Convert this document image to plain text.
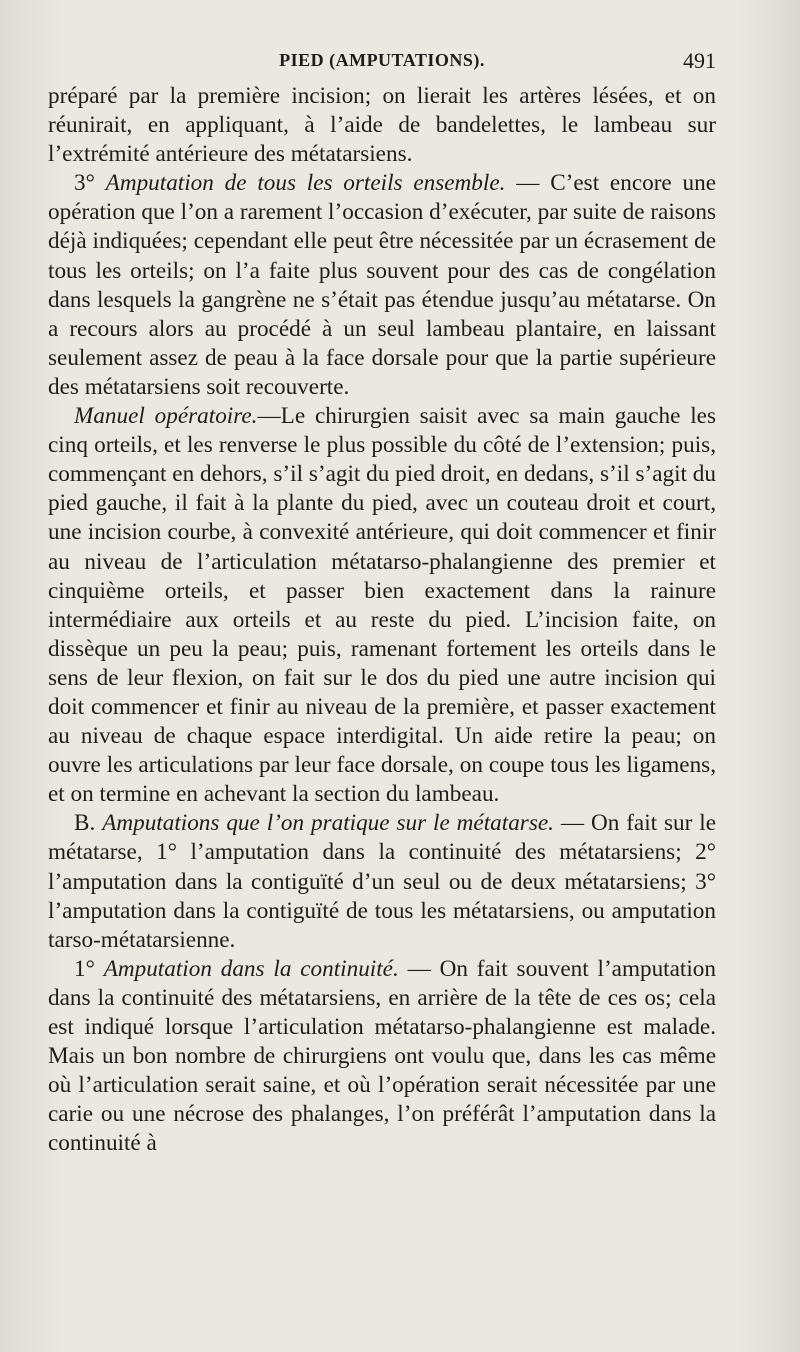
PIED (AMPUTATIONS).	491

préparé par la première incision; on lierait les artères lésées, et on réunirait, en appliquant, à l’aide de bandelettes, le lambeau sur l’extrémité antérieure des métatarsiens.

3° Amputation de tous les orteils ensemble. — C’est encore une opération que l’on a rarement l’occasion d’exécuter, par suite de raisons déjà indiquées; cependant elle peut être nécessitée par un écrasement de tous les orteils; on l’a faite plus souvent pour des cas de congélation dans lesquels la gangrène ne s’était pas étendue jusqu’au métatarse. On a recours alors au procédé à un seul lambeau plantaire, en laissant seulement assez de peau à la face dorsale pour que la partie supérieure des métatarsiens soit recouverte.

Manuel opératoire.—Le chirurgien saisit avec sa main gauche les cinq orteils, et les renverse le plus possible du côté de l’extension; puis, commençant en dehors, s’il s’agit du pied droit, en dedans, s’il s’agit du pied gauche, il fait à la plante du pied, avec un couteau droit et court, une incision courbe, à convexité antérieure, qui doit commencer et finir au niveau de l’articulation métatarso-phalangienne des premier et cinquième orteils, et passer bien exactement dans la rainure intermédiaire aux orteils et au reste du pied. L’incision faite, on dissèque un peu la peau; puis, ramenant fortement les orteils dans le sens de leur flexion, on fait sur le dos du pied une autre incision qui doit commencer et finir au niveau de la première, et passer exactement au niveau de chaque espace interdigital. Un aide retire la peau; on ouvre les articulations par leur face dorsale, on coupe tous les ligamens, et on termine en achevant la section du lambeau.

B. Amputations que l’on pratique sur le métatarse. — On fait sur le métatarse, 1° l’amputation dans la continuité des métatarsiens; 2° l’amputation dans la contiguïté d’un seul ou de deux métatarsiens; 3° l’amputation dans la contiguïté de tous les métatarsiens, ou amputation tarso-métatarsienne.

1° Amputation dans la continuité. — On fait souvent l’amputation dans la continuité des métatarsiens, en arrière de la tête de ces os; cela est indiqué lorsque l’articulation métatarso-phalangienne est malade. Mais un bon nombre de chirurgiens ont voulu que, dans les cas même où l’articulation serait saine, et où l’opération serait nécessitée par une carie ou une nécrose des phalanges, l’on préférât l’amputation dans la continuité à
